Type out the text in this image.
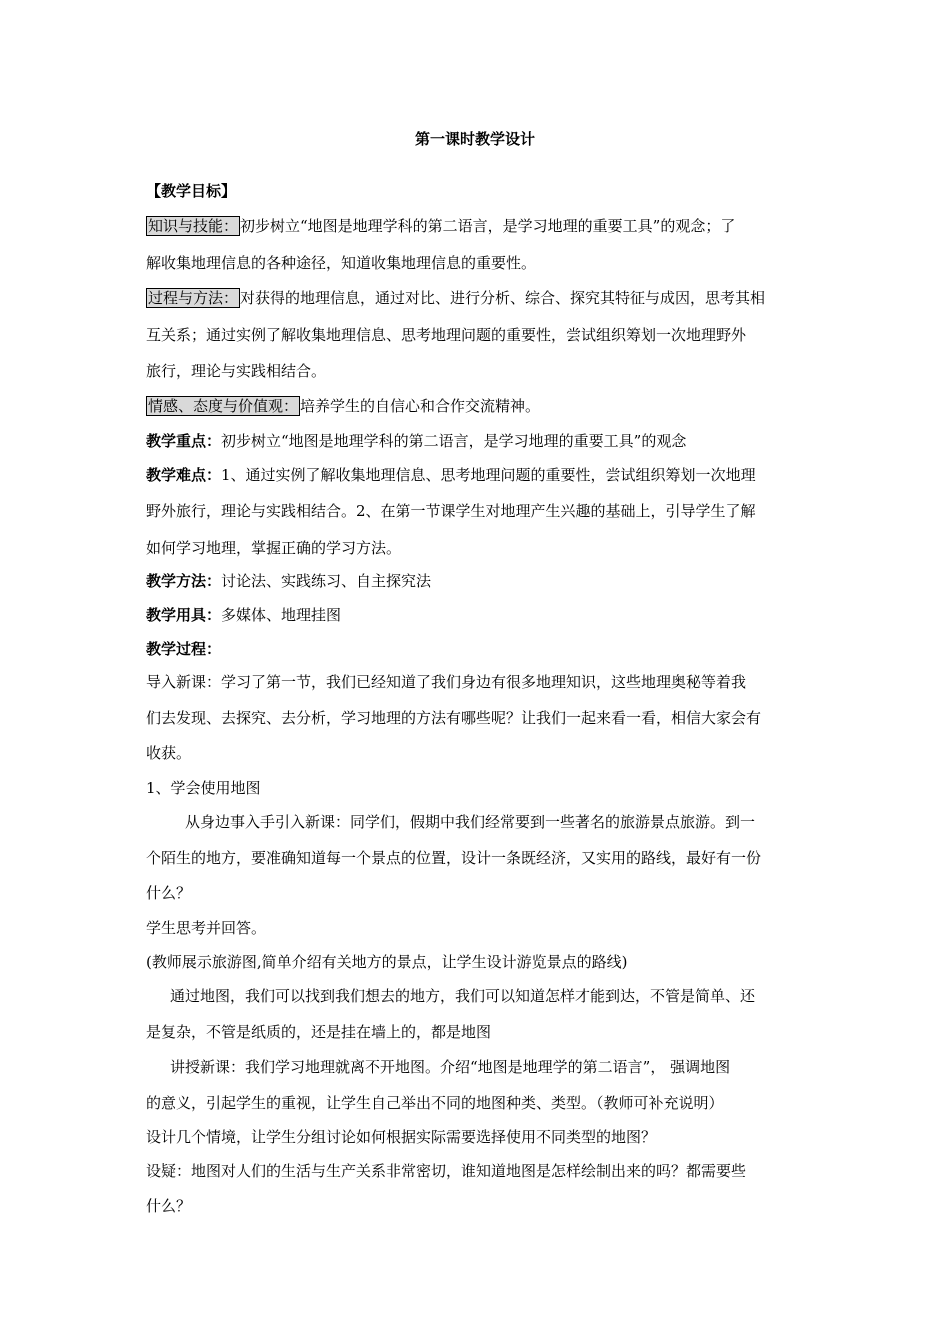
第一课时教学设计
【教学目标】
知识与技能： 初步树立“地图是地理学科的第二语言，是学习地理的重要工具”的观念；了
解收集地理信息的各种途径，知道收集地理信息的重要性。
过程与方法： 对获得的地理信息，通过对比、进行分析、综合、探究其特征与成因，思考其相
互关系；通过实例了解收集地理信息、思考地理问题的重要性，尝试组织筹划一次地理野外
旅行，理论与实践相结合。
情感、态度与价值观： 培养学生的自信心和合作交流精神。
教学重点：初步树立“地图是地理学科的第二语言，是学习地理的重要工具”的观念
教学难点：1、通过实例了解收集地理信息、思考地理问题的重要性，尝试组织筹划一次地理
野外旅行，理论与实践相结合。2、在第一节课学生对地理产生兴趣的基础上，引导学生了解
如何学习地理，掌握正确的学习方法。
教学方法：讨论法、实践练习、自主探究法
教学用具：多媒体、地理挂图
教学过程：
导入新课：学习了第一节，我们已经知道了我们身边有很多地理知识，这些地理奥秘等着我
们去发现、去探究、去分析，学习地理的方法有哪些呢？让我们一起来看一看，相信大家会有
收获。
1、学会使用地图
从身边事入手引入新课：同学们，假期中我们经常要到一些著名的旅游景点旅游。到一
个陌生的地方，要准确知道每一个景点的位置，设计一条既经济，又实用的路线，最好有一份
什么？
学生思考并回答。
(教师展示旅游图,简单介绍有关地方的景点，让学生设计游览景点的路线)
通过地图，我们可以找到我们想去的地方，我们可以知道怎样才能到达，不管是简单、还
是复杂，不管是纸质的，还是挂在墙上的，都是地图
讲授新课：我们学习地理就离不开地图。介绍“地图是地理学的第二语言”， 强调地图
的意义，引起学生的重视，让学生自己举出不同的地图种类、类型。（教师可补充说明）
设计几个情境，让学生分组讨论如何根据实际需要选择使用不同类型的地图？
设疑：地图对人们的生活与生产关系非常密切，谁知道地图是怎样绘制出来的吗？都需要些
什么？
